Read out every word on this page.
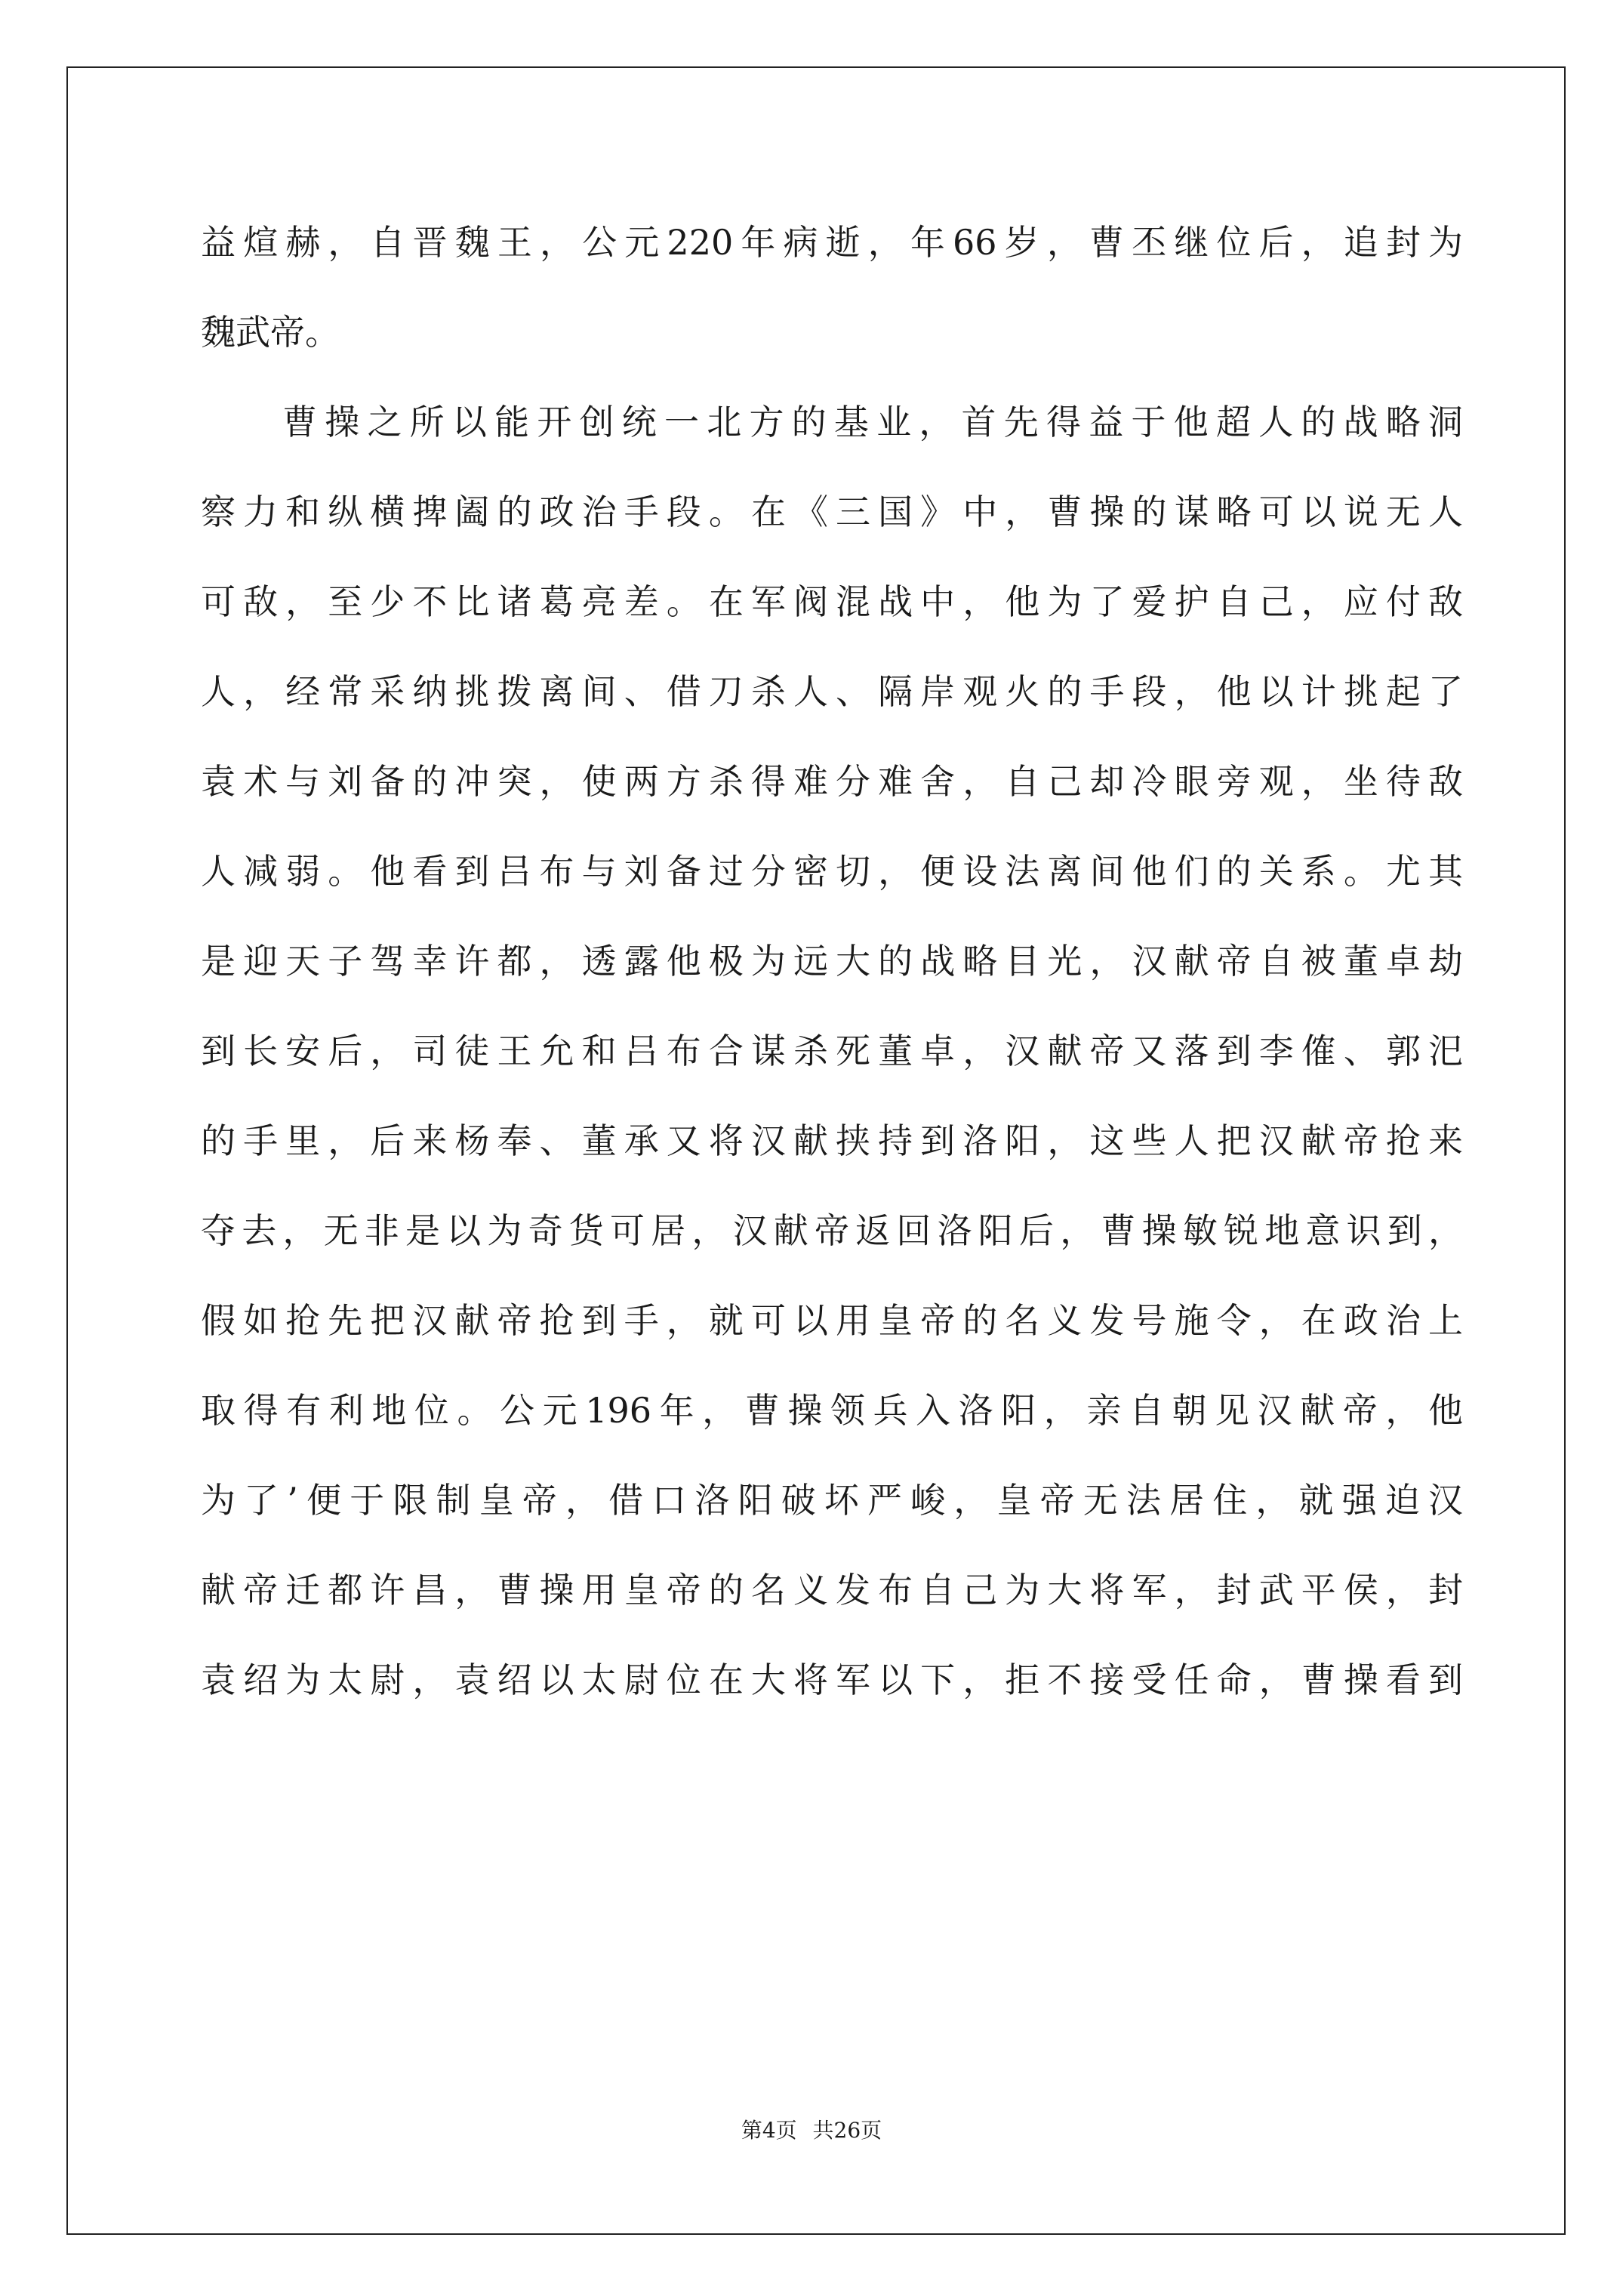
益煊赫，自晋魏王，公元220年病逝，年66岁，曹丕继位后，追封为
魏武帝。
曹操之所以能开创统一北方的基业，首先得益于他超人的战略洞
察力和纵横捭阖的政治手段。在《三国》中，曹操的谋略可以说无人
可敌，至少不比诸葛亮差。在军阀混战中，他为了爱护自己，应付敌
人，经常采纳挑拨离间、借刀杀人、隔岸观火的手段，他以计挑起了
袁术与刘备的冲突，使两方杀得难分难舍，自己却冷眼旁观，坐待敌
人减弱。他看到吕布与刘备过分密切，便设法离间他们的关系。尤其
是迎天子驾幸许都，透露他极为远大的战略目光，汉献帝自被董卓劫
到长安后，司徒王允和吕布合谋杀死董卓，汉献帝又落到李傕、郭汜
的手里，后来杨奉、董承又将汉献挟持到洛阳，这些人把汉献帝抢来
夺去，无非是以为奇货可居，汉献帝返回洛阳后，曹操敏锐地意识到，
假如抢先把汉献帝抢到手，就可以用皇帝的名义发号施令，在政治上
取得有利地位。公元196年，曹操领兵入洛阳，亲自朝见汉献帝，他
为了’便于限制皇帝，借口洛阳破坏严峻，皇帝无法居住，就强迫汉
献帝迁都许昌，曹操用皇帝的名义发布自己为大将军，封武平侯，封
袁绍为太尉，袁绍以太尉位在大将军以下，拒不接受任命，曹操看到
第4页 共26页
